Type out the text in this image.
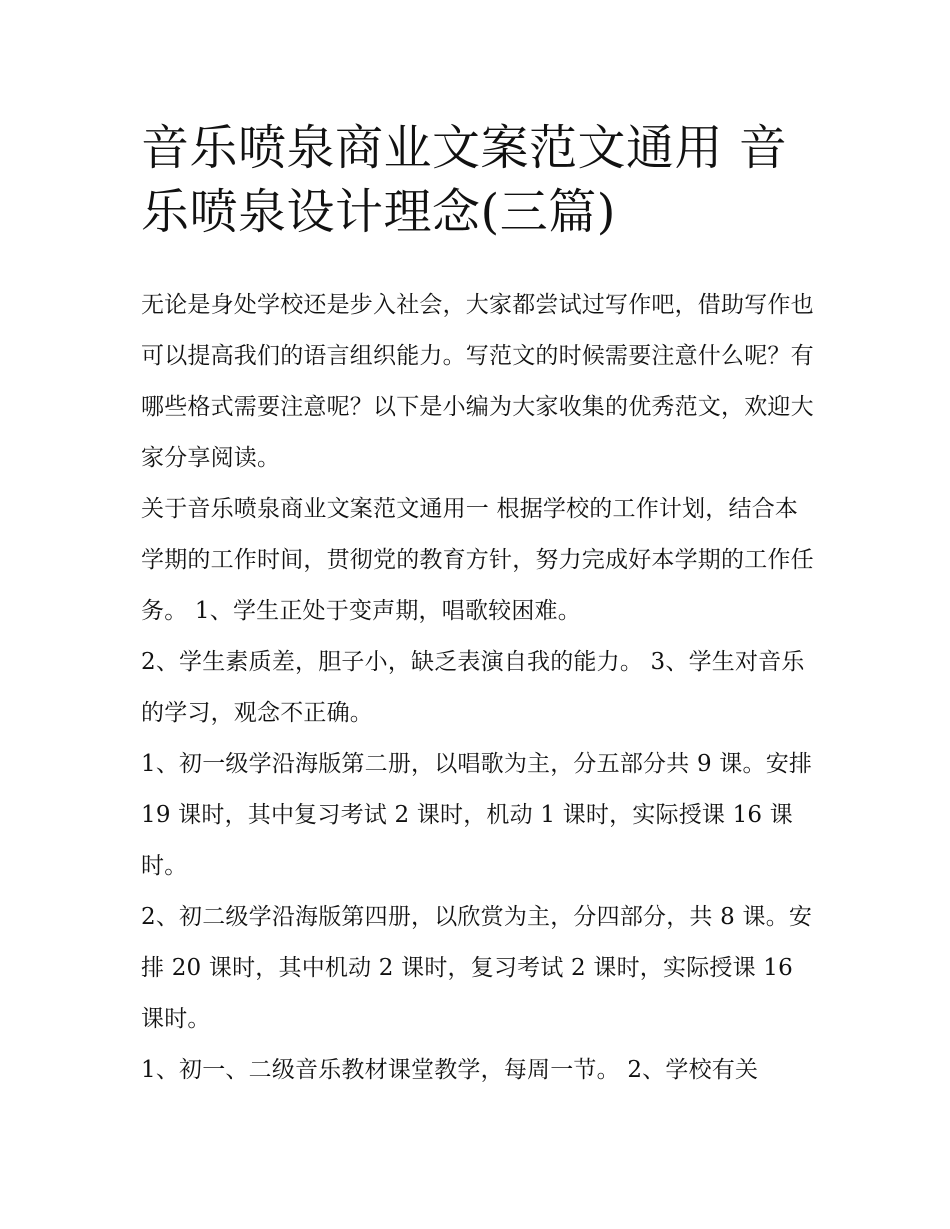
音乐喷泉商业文案范文通用 音乐喷泉设计理念(三篇)

无论是身处学校还是步入社会，大家都尝试过写作吧，借助写作也可以提高我们的语言组织能力。写范文的时候需要注意什么呢？有哪些格式需要注意呢？以下是小编为大家收集的优秀范文，欢迎大家分享阅读。

关于音乐喷泉商业文案范文通用一 根据学校的工作计划，结合本学期的工作时间，贯彻党的教育方针，努力完成好本学期的工作任务。 1、学生正处于变声期，唱歌较困难。

2、学生素质差，胆子小，缺乏表演自我的能力。 3、学生对音乐的学习，观念不正确。

1、初一级学沿海版第二册，以唱歌为主，分五部分共 9 课。安排 19 课时，其中复习考试 2 课时，机动 1 课时，实际授课 16 课时。

2、初二级学沿海版第四册，以欣赏为主，分四部分，共 8 课。安排 20 课时，其中机动 2 课时，复习考试 2 课时，实际授课 16 课时。

1、初一、二级音乐教材课堂教学，每周一节。 2、学校有关
